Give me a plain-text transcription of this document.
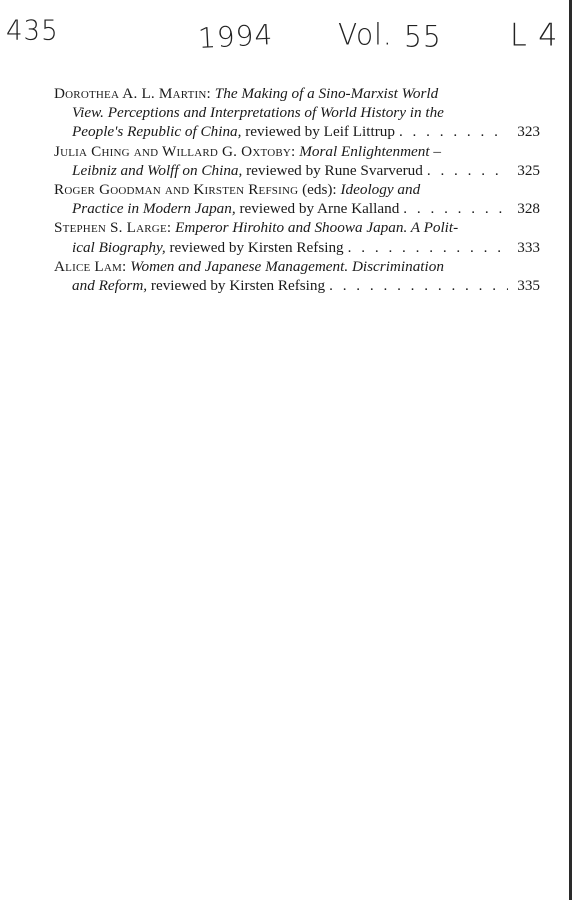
435	1994 Vol. 55 L 4
Dorothea A. L. Martin: The Making of a Sino-Marxist World
View. Perceptions and Interpretations of World History in the
People's Republic of China, reviewed by Leif Littrup . . .	323
Julia Ching and Willard G. Oxtoby:
Moral Enlightenment –
Leibniz and Wolff on China, reviewed by Rune Svarverud . . .	325
Roger Goodman and Kirsten Refsing (eds):
Ideology and
Practice in Modern Japan, reviewed by Arne Kalland . . .	328
Stephen S. Large:
Emperor Hirohito and Shoowa Japan. A Polit-
ical Biography, reviewed by Kirsten Refsing . . .	333
Alice Lam:
Women and Japanese Management. Discrimination
and Reform, reviewed by Kirsten Refsing . . .	335
